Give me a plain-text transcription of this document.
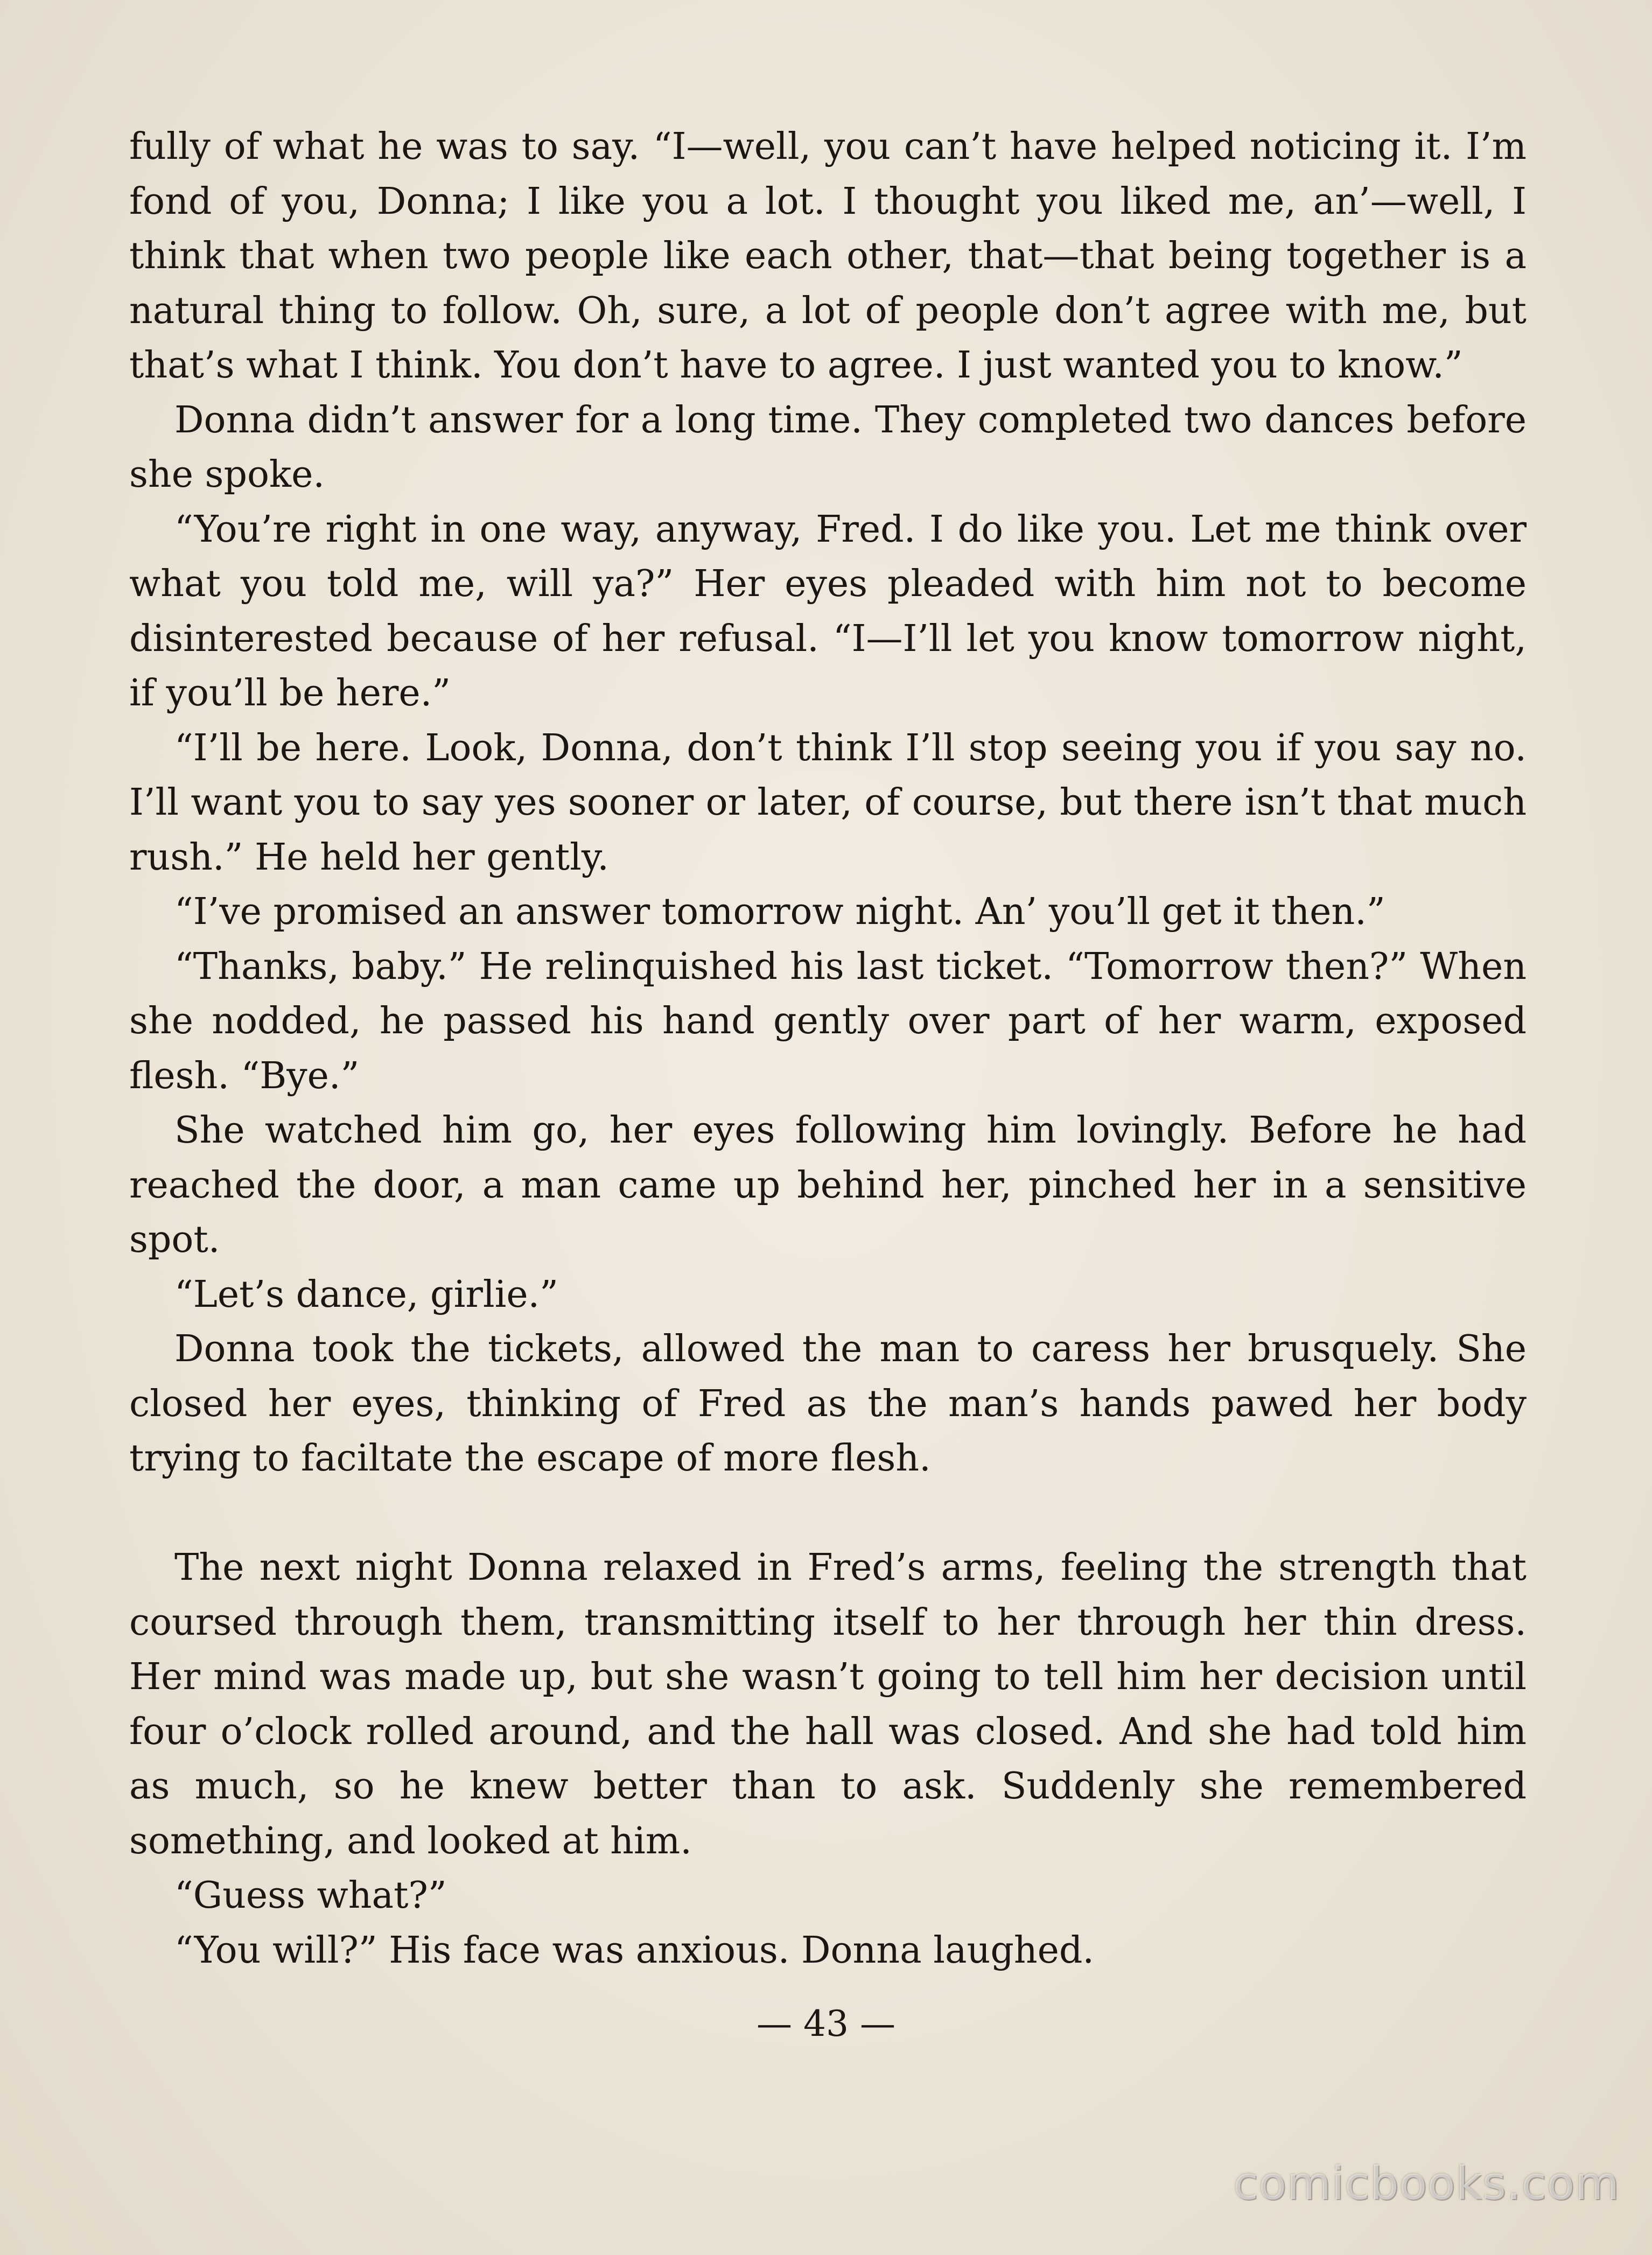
fully of what he was to say. “I—well, you can’t have helped noticing it. I’m fond of you, Donna; I like you a lot. I thought you liked me, an’—well, I think that when two people like each other, that—that being together is a natural thing to follow. Oh, sure, a lot of people don’t agree with me, but that’s what I think. You don’t have to agree. I just wanted you to know.”

Donna didn’t answer for a long time. They completed two dances before she spoke.

“You’re right in one way, anyway, Fred. I do like you. Let me think over what you told me, will ya?” Her eyes pleaded with him not to become disinterested because of her refusal. “I—I’ll let you know tomorrow night, if you’ll be here.”

“I’ll be here. Look, Donna, don’t think I’ll stop seeing you if you say no. I’ll want you to say yes sooner or later, of course, but there isn’t that much rush.” He held her gently.

“I’ve promised an answer tomorrow night. An’ you’ll get it then.”

“Thanks, baby.” He relinquished his last ticket. “Tomorrow then?” When she nodded, he passed his hand gently over part of her warm, exposed flesh. “Bye.”

She watched him go, her eyes following him lovingly. Before he had reached the door, a man came up behind her, pinched her in a sensitive spot.

“Let’s dance, girlie.”

Donna took the tickets, allowed the man to caress her brusquely. She closed her eyes, thinking of Fred as the man’s hands pawed her body trying to faciltate the escape of more flesh.

The next night Donna relaxed in Fred’s arms, feeling the strength that coursed through them, transmitting itself to her through her thin dress. Her mind was made up, but she wasn’t going to tell him her decision until four o’clock rolled around, and the hall was closed. And she had told him as much, so he knew better than to ask. Suddenly she remembered something, and looked at him.

“Guess what?”

“You will?” His face was anxious. Donna laughed.

— 43 —
comicbooks.com
